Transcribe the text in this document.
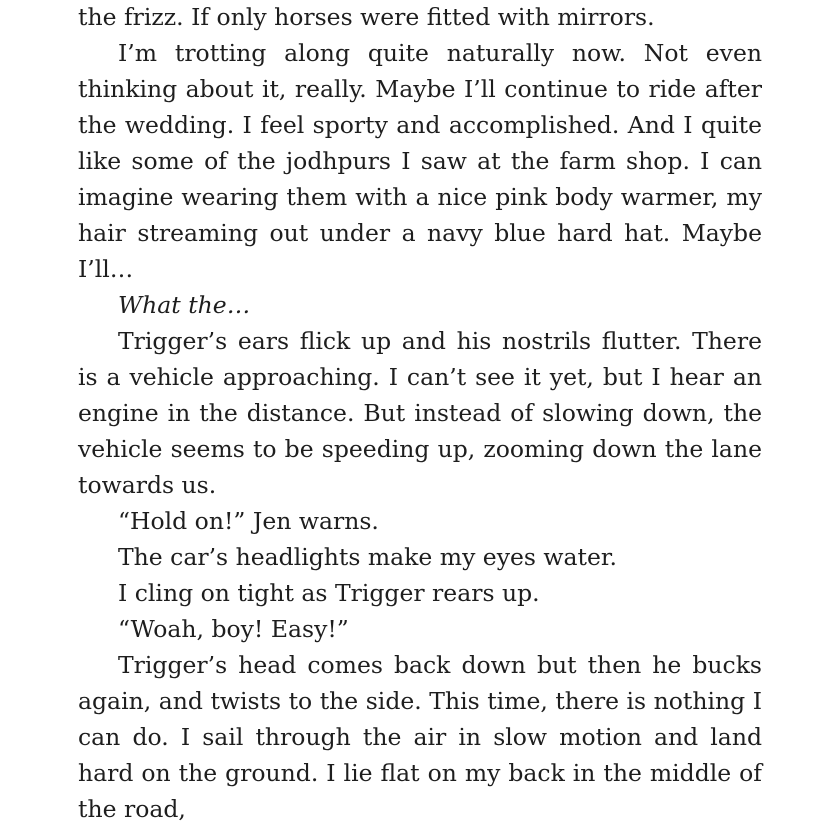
the frizz. If only horses were fitted with mirrors.

I’m trotting along quite naturally now. Not even thinking about it, really. Maybe I’ll continue to ride after the wedding. I feel sporty and accomplished. And I quite like some of the jodhpurs I saw at the farm shop. I can imagine wearing them with a nice pink body warmer, my hair streaming out under a navy blue hard hat. Maybe I’ll…

What the…

Trigger’s ears flick up and his nostrils flutter. There is a vehicle approaching. I can’t see it yet, but I hear an engine in the distance. But instead of slowing down, the vehicle seems to be speeding up, zooming down the lane towards us.

“Hold on!” Jen warns.

The car’s headlights make my eyes water.

I cling on tight as Trigger rears up.

“Woah, boy! Easy!”

Trigger’s head comes back down but then he bucks again, and twists to the side. This time, there is nothing I can do. I sail through the air in slow motion and land hard on the ground. I lie flat on my back in the middle of the road,
